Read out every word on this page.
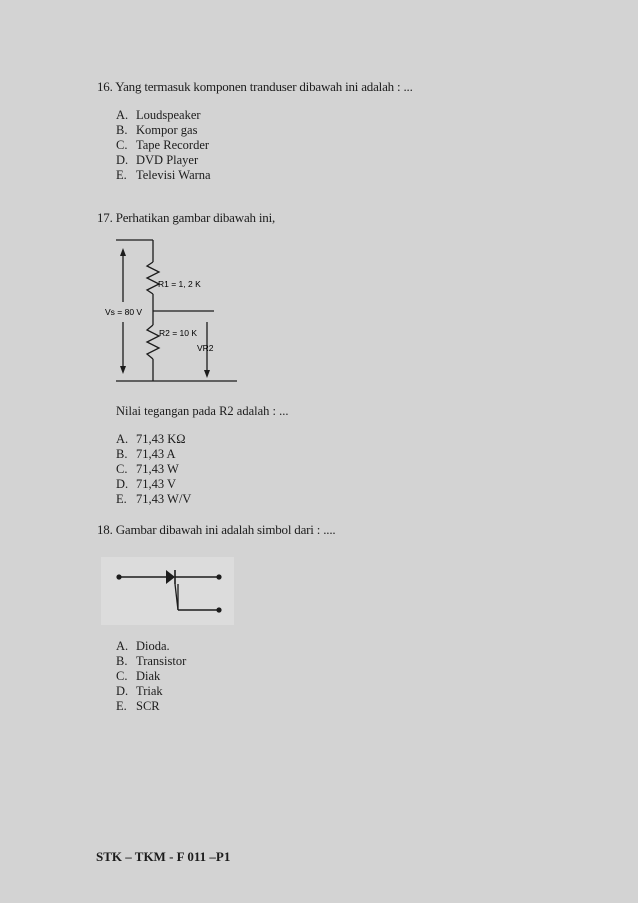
16. Yang termasuk komponen tranduser dibawah ini adalah : ...
A. Loudspeaker
B. Kompor gas
C. Tape Recorder
D. DVD Player
E. Televisi Warna
17. Perhatikan gambar dibawah ini,
R1 = 1, 2 K
R2 = 10 K
Vs = 80 V
VR2
Nilai tegangan pada R2 adalah : ...
A. 71,43 KΩ
B. 71,43 A
C. 71,43 W
D. 71,43 V
E. 71,43 W/V
18. Gambar dibawah ini adalah simbol dari : ....
A. Dioda.
B. Transistor
C. Diak
D. Triak
E. SCR
STK – TKM - F 011 –P1
